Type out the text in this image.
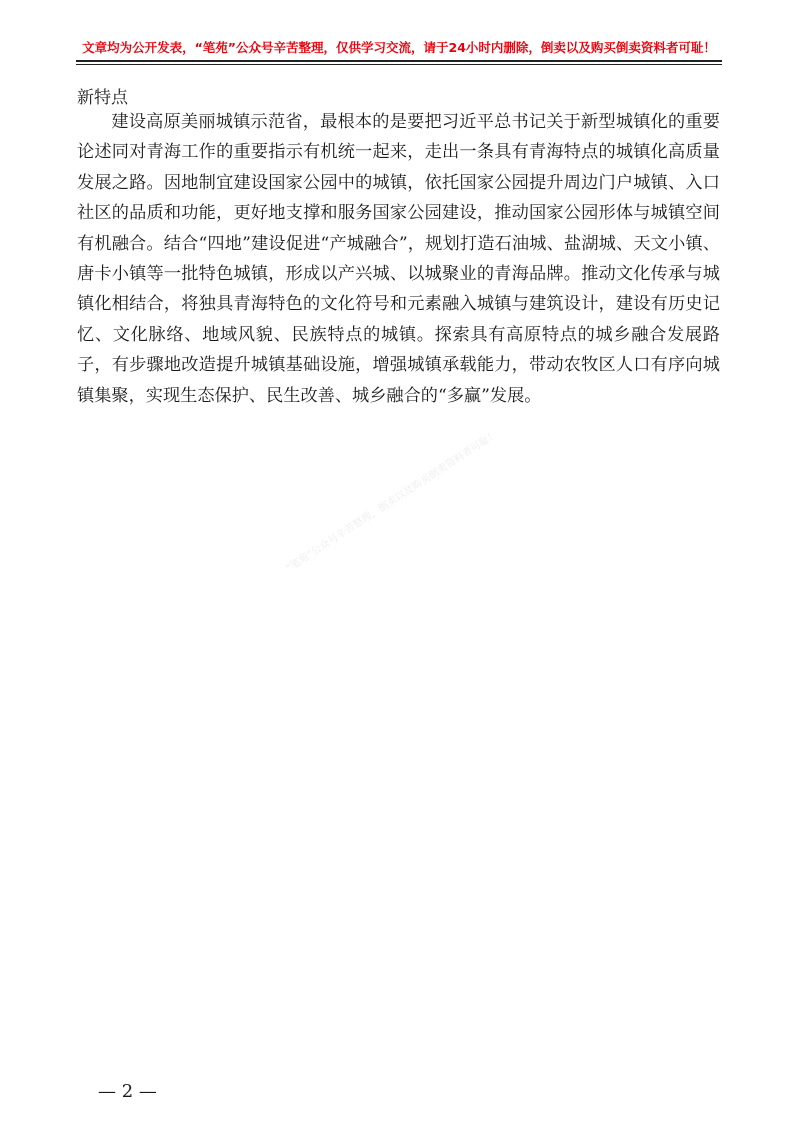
文章均为公开发表，“笔苑”公众号辛苦整理，仅供学习交流，请于24小时内删除，倒卖以及购买倒卖资料者可耻！
新特点

建设高原美丽城镇示范省，最根本的是要把习近平总书记关于新型城镇化的重要论述同对青海工作的重要指示有机统一起来，走出一条具有青海特点的城镇化高质量发展之路。因地制宜建设国家公园中的城镇，依托国家公园提升周边门户城镇、入口社区的品质和功能，更好地支撑和服务国家公园建设，推动国家公园形体与城镇空间有机融合。结合“四地”建设促进“产城融合”，规划打造石油城、盐湖城、天文小镇、唐卡小镇等一批特色城镇，形成以产兴城、以城聚业的青海品牌。推动文化传承与城镇化相结合，将独具青海特色的文化符号和元素融入城镇与建筑设计，建设有历史记忆、文化脉络、地域风貌、民族特点的城镇。探索具有高原特点的城乡融合发展路子，有步骤地改造提升城镇基础设施，增强城镇承载能力，带动农牧区人口有序向城镇集聚，实现生态保护、民生改善、城乡融合的“多赢”发展。

“笔苑”公众号辛苦整理，倒卖以及购买倒卖资料者可耻！
— 2 —
